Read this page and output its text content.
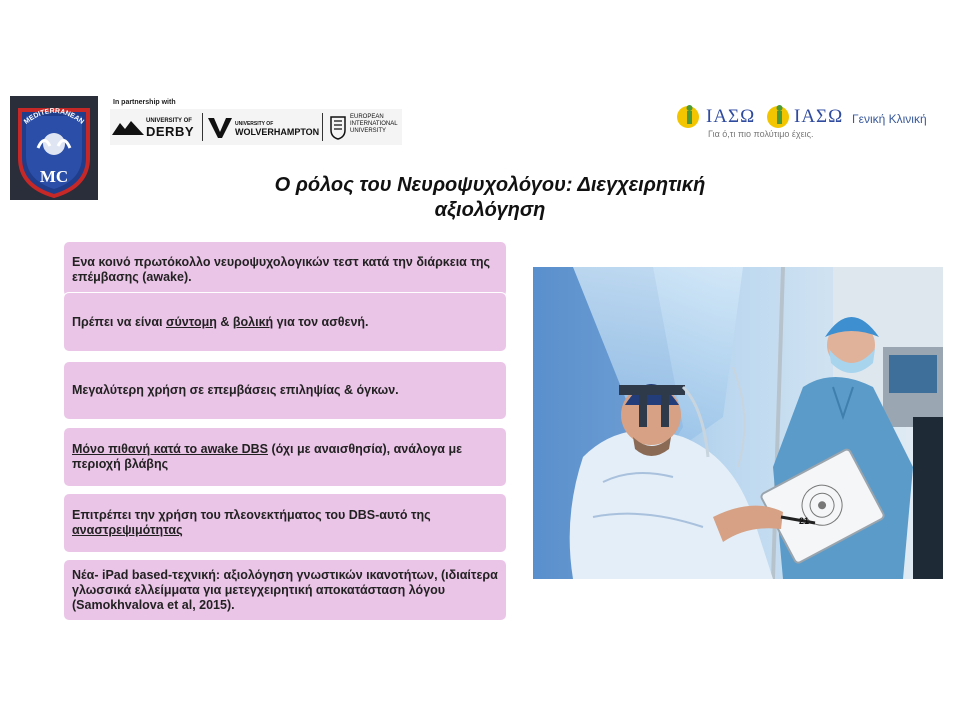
MEDITERRANEAN
MC
In partnership with
UNIVERSITY OF
DERBY	UNIVERSITY OF
WOLVERHAMPTON
EUROPEAN INTERNATIONAL UNIVERSITY
ΙΑΣΩ
Για ό,τι πιο πολύτιμο έχεις.
ΙΑΣΩ Γενική Κλινική
Ο ρόλος του Νευροψυχολόγου: Διεγχειρητική
αξιολόγηση
Ενα κοινό πρωτόκολλο νευροψυχολογικών τεστ κατά την διάρκεια της επέμβασης (awake).
Πρέπει να είναι σύντομη & βολική για τον ασθενή.
Μεγαλύτερη χρήση σε επεμβάσεις επιληψίας & όγκων.
Μόνο πιθανή κατά το awake DBS (όχι με αναισθησία), ανάλογα με περιοχή βλάβης
Επιτρέπει την χρήση του πλεονεκτήματος του DBS-αυτό της αναστρεψιμότητας
Νέα- iPad based-τεχνική: αξιολόγηση γνωστικών ικανοτήτων, (ιδιαίτερα γλωσσικά ελλείμματα για μετεγχειρητική αποκατάσταση λόγου (Samokhvalova et al, 2015).
21
